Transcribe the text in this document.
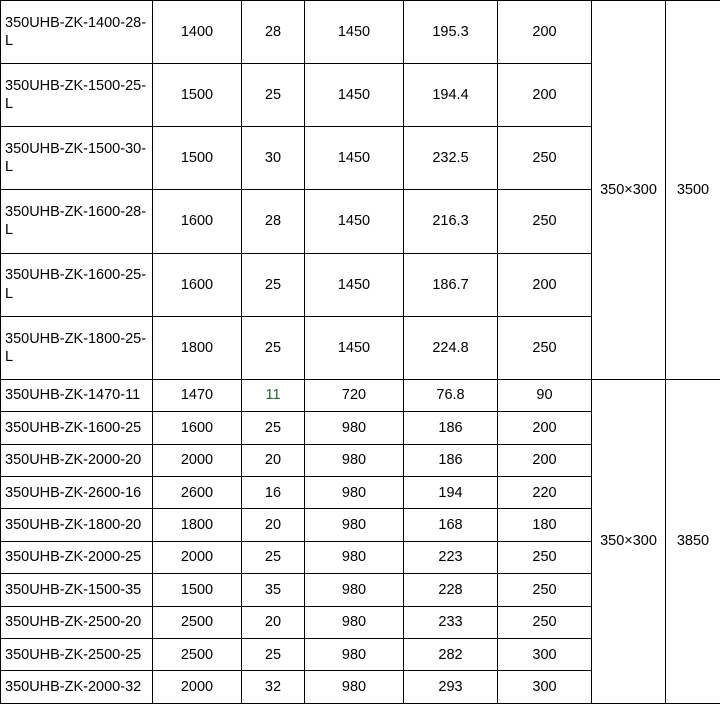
350UHB-ZK-1400-28-L	1400	28	1450	195.3	200	350×300	3500
350UHB-ZK-1500-25-L	1500	25	1450	194.4	200		
350UHB-ZK-1500-30-L	1500	30	1450	232.5	250		
350UHB-ZK-1600-28-L	1600	28	1450	216.3	250		
350UHB-ZK-1600-25-L	1600	25	1450	186.7	200		
350UHB-ZK-1800-25-L	1800	25	1450	224.8	250		
350UHB-ZK-1470-11	1470	11	720	76.8	90	350×300	3850
350UHB-ZK-1600-25	1600	25	980	186	200		
350UHB-ZK-2000-20	2000	20	980	186	200		
350UHB-ZK-2600-16	2600	16	980	194	220		
350UHB-ZK-1800-20	1800	20	980	168	180		
350UHB-ZK-2000-25	2000	25	980	223	250		
350UHB-ZK-1500-35	1500	35	980	228	250		
350UHB-ZK-2500-20	2500	20	980	233	250		
350UHB-ZK-2500-25	2500	25	980	282	300		
350UHB-ZK-2000-32	2000	32	980	293	300		
